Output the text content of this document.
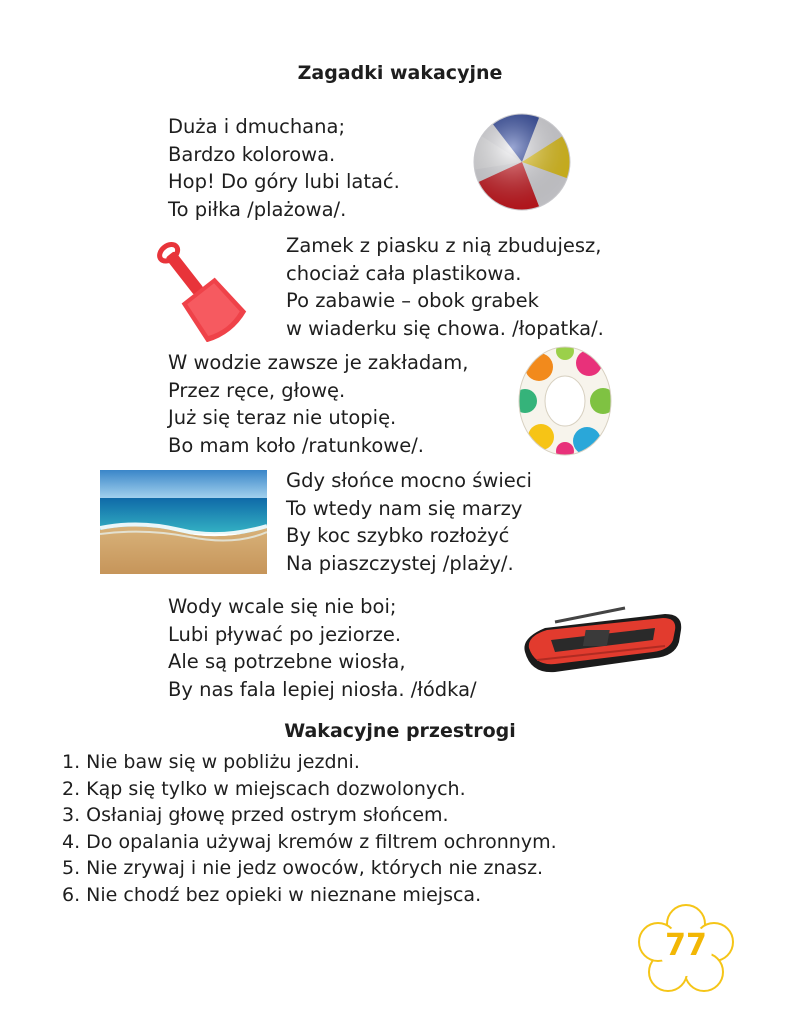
Zagadki wakacyjne
Duża i dmuchana;
Bardzo kolorowa.
Hop! Do góry lubi latać.
To piłka /plażowa/.
Zamek z piasku z nią zbudujesz,
chociaż cała plastikowa.
Po zabawie – obok grabek
w wiaderku się chowa. /łopatka/.
W wodzie zawsze je zakładam,
Przez ręce, głowę.
Już się teraz nie utopię.
Bo mam koło /ratunkowe/.
Gdy słońce mocno świeci
To wtedy nam się marzy
By koc szybko rozłożyć
Na piaszczystej /plaży/.
Wody wcale się nie boi;
Lubi pływać po jeziorze.
Ale są potrzebne wiosła,
By nas fala lepiej niosła. /łódka/
Wakacyjne przestrogi
1. Nie baw się w pobliżu jezdni.
2. Kąp się tylko w miejscach dozwolonych.
3. Osłaniaj głowę przed ostrym słońcem.
4. Do opalania używaj kremów z filtrem ochronnym.
5. Nie zrywaj i nie jedz owoców, których nie znasz.
6. Nie chodź bez opieki w nieznane miejsca.
77
